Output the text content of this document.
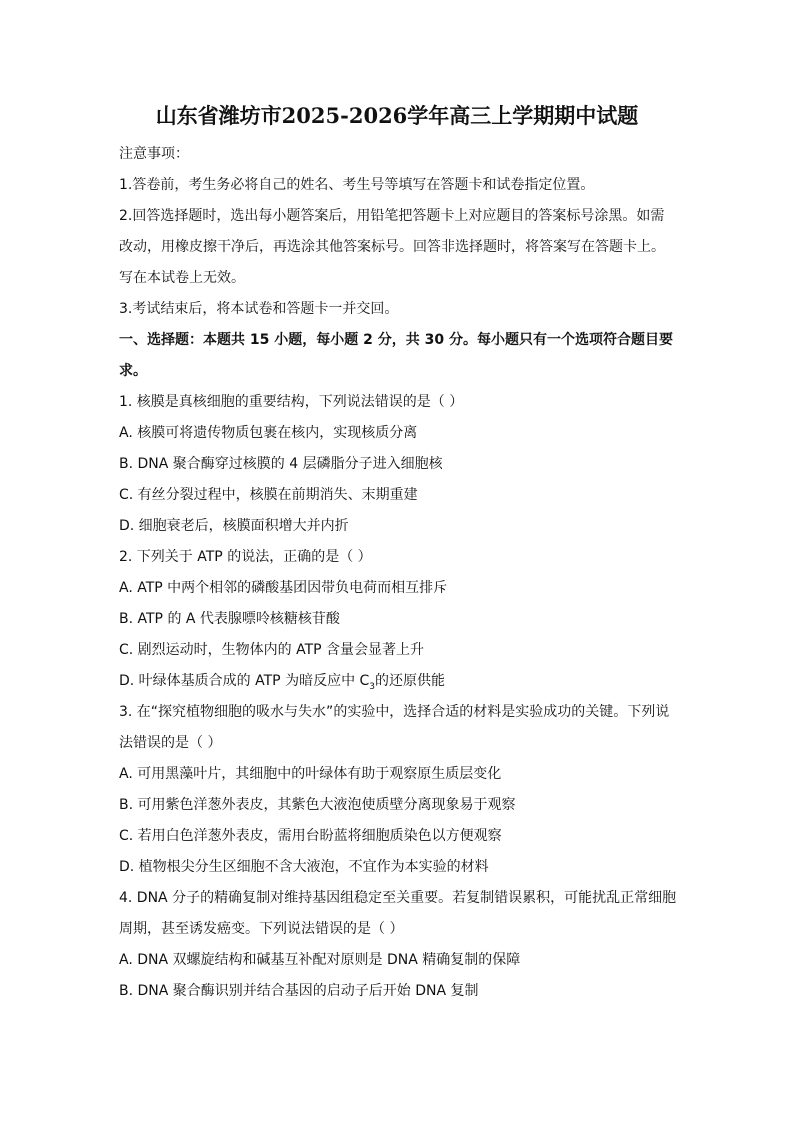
山东省潍坊市2025-2026学年高三上学期期中试题
注意事项：
1.答卷前，考生务必将自己的姓名、考生号等填写在答题卡和试卷指定位置。
2.回答选择题时，选出每小题答案后，用铅笔把答题卡上对应题目的答案标号涂黑。如需
改动，用橡皮擦干净后，再选涂其他答案标号。回答非选择题时，将答案写在答题卡上。
写在本试卷上无效。
3.考试结束后，将本试卷和答题卡一并交回。
一、选择题：本题共 15 小题，每小题 2 分，共 30 分。每小题只有一个选项符合题目要
求。
1. 核膜是真核细胞的重要结构，下列说法错误的是（ ）
A. 核膜可将遗传物质包裹在核内，实现核质分离
B. DNA 聚合酶穿过核膜的 4 层磷脂分子进入细胞核
C. 有丝分裂过程中，核膜在前期消失、末期重建
D. 细胞衰老后，核膜面积增大并内折
2. 下列关于 ATP 的说法，正确的是（ ）
A. ATP 中两个相邻的磷酸基团因带负电荷而相互排斥
B. ATP 的 A 代表腺嘌呤核糖核苷酸
C. 剧烈运动时，生物体内的 ATP 含量会显著上升
D. 叶绿体基质合成的 ATP 为暗反应中 $C_3$的还原供能
3. 在“探究植物细胞的吸水与失水”的实验中，选择合适的材料是实验成功的关键。下列说
法错误的是（ ）
A. 可用黑藻叶片，其细胞中的叶绿体有助于观察原生质层变化
B. 可用紫色洋葱外表皮，其紫色大液泡使质壁分离现象易于观察
C. 若用白色洋葱外表皮，需用台盼蓝将细胞质染色以方便观察
D. 植物根尖分生区细胞不含大液泡，不宜作为本实验的材料
4. DNA 分子的精确复制对维持基因组稳定至关重要。若复制错误累积，可能扰乱正常细胞
周期，甚至诱发癌变。下列说法错误的是（ ）
A. DNA 双螺旋结构和碱基互补配对原则是 DNA 精确复制的保障
B. DNA 聚合酶识别并结合基因的启动子后开始 DNA 复制
